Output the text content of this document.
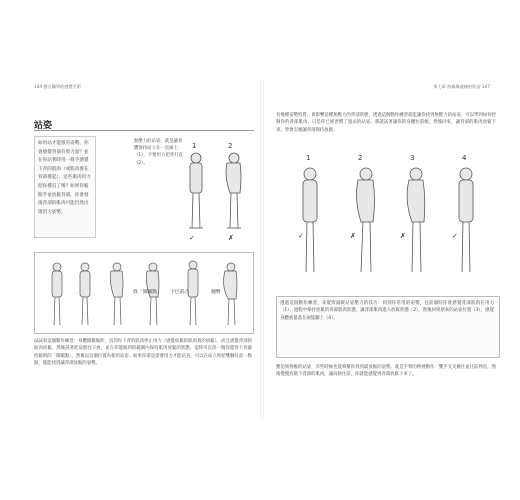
144 整合醫學的感覺手術
站姿
如何站才能很有姿勢，你會感覺背部有股力量？並在你站著時用一條手感覺下背的肌肉（或肌肉群在背部撐起），這些肌肉用力把你撐直了嗎？如果你鬆開手並放鬆背部，你會發現背部的肌肉可能仍然出現用力姿勢。
1	2
✓	✗
無壓力的站姿，就是讓身體保持站立在一直線上（1），不要用力把背打直（2）。
找「開關點」 下巴前凸	翹臀
試試看這個動作練習：身體微微後仰，直到你下背的肌肉停止用力（感覺放鬆的肌肉真的放鬆），而且感覺背部的肌肉放鬆，然後試著把肩膀往下放，並在你能做到的範圍內保持肌肉放鬆的狀態。這時可以找一個你覺得下背最放鬆時的「開關點」，然後以這個位置為新的站姿。如果你還是需要用力才能站直，可以在站立時把雙腳往前一點點，就能找到讓背部放鬆的姿勢。
第七章 疼痛與痠痛的狀況 147
有幾種姿勢特質，會影響這種無壓力的背部狀態，透過這個動作練習就能讓你找到無壓力的站姿，可以學到如何控制你的背部肌肉，只是你已經習慣了過去的站姿。那就試著讓你的身體往前傾，然後回來，讓背部的肌肉放鬆下來，學會怎麼讓背部保持放鬆。
1	2	3	4
✓	✗	✗	✓
透過這個動作練習，來覺察減緩站姿壓力的技巧：回到你常用的姿勢，往前傾時你會感覺背部肌肉在用力（1），過程中保持放鬆的背部肌肉狀態，讓背部肌肉進入放鬆狀態（2），然後回到原來的站姿位置（3），感覺身體重量落在兩隻腳上（4）。
壓迫到脊椎的站姿，有些時候也能夠幫你找到最放鬆的姿勢。就是手臂的伸展動作：雙手交叉握住並往前伸直，然後慢慢放鬆下背部的肌肉，讓肩膀往前，你就能感覺到背部放鬆下來了。
